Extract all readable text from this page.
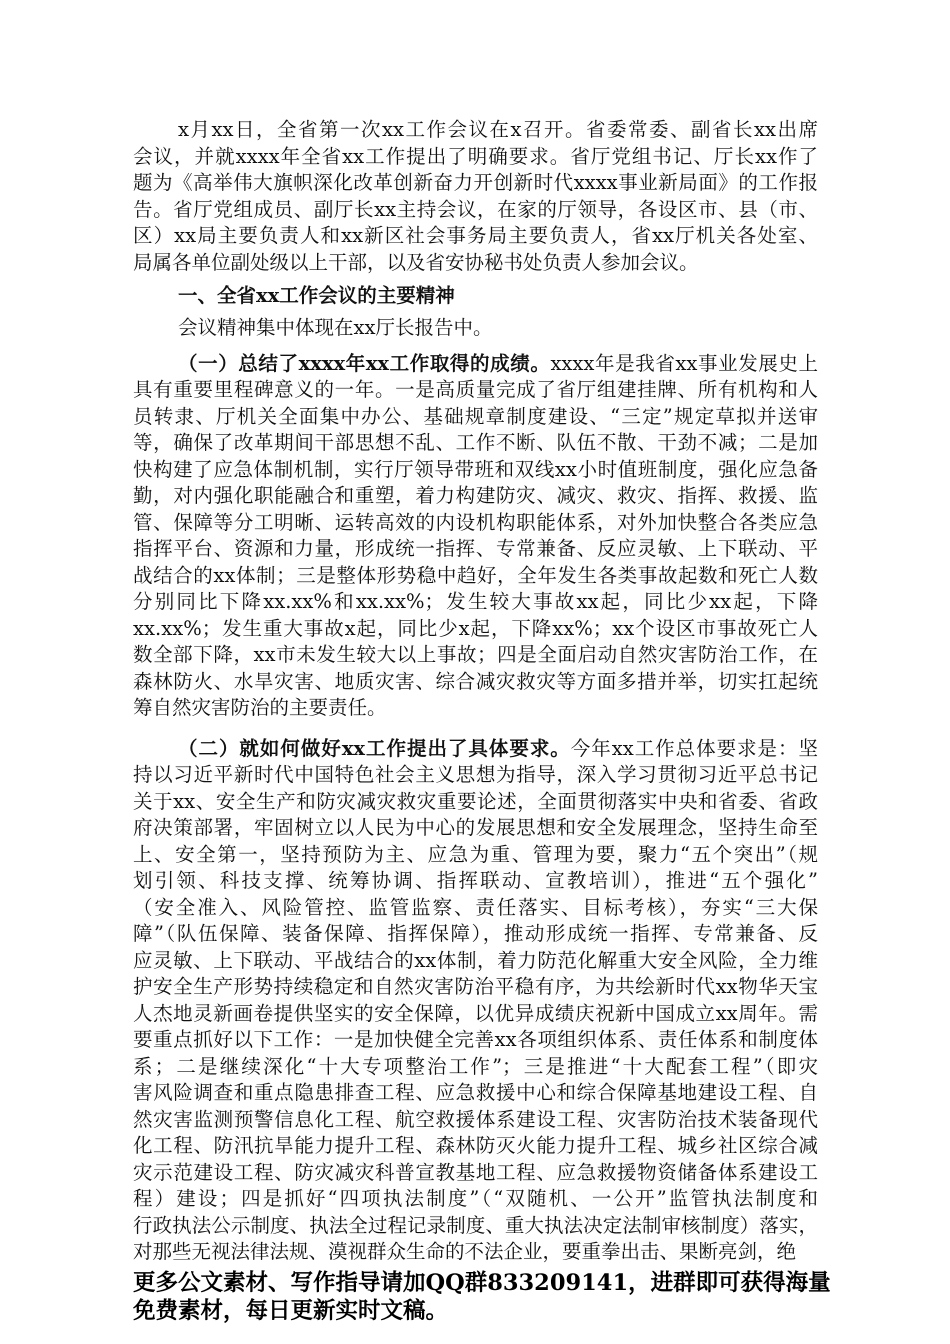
x月xx日，全省第一次xx工作会议在x召开。省委常委、副省长xx出席
会议，并就xxxx年全省xx工作提出了明确要求。省厅党组书记、厅长xx作了
题为《高举伟大旗帜深化改革创新奋力开创新时代xxxx事业新局面》的工作报
告。省厅党组成员、副厅长xx主持会议，在家的厅领导，各设区市、县（市、
区）xx局主要负责人和xx新区社会事务局主要负责人，省xx厅机关各处室、
局属各单位副处级以上干部，以及省安协秘书处负责人参加会议。
一、全省xx工作会议的主要精神
会议精神集中体现在xx厅长报告中。
（一）总结了xxxx年xx工作取得的成绩。xxxx年是我省xx事业发展史上
具有重要里程碑意义的一年。一是高质量完成了省厅组建挂牌、所有机构和人
员转隶、厅机关全面集中办公、基础规章制度建设、“三定”规定草拟并送审
等，确保了改革期间干部思想不乱、工作不断、队伍不散、干劲不减；二是加
快构建了应急体制机制，实行厅领导带班和双线xx小时值班制度，强化应急备
勤，对内强化职能融合和重塑，着力构建防灾、减灾、救灾、指挥、救援、监
管、保障等分工明晰、运转高效的内设机构职能体系，对外加快整合各类应急
指挥平台、资源和力量，形成统一指挥、专常兼备、反应灵敏、上下联动、平
战结合的xx体制；三是整体形势稳中趋好，全年发生各类事故起数和死亡人数
分别同比下降xx.xx%和xx.xx%；发生较大事故xx起，同比少xx起，下降
xx.xx%；发生重大事故x起，同比少x起，下降xx%；xx个设区市事故死亡人
数全部下降，xx市未发生较大以上事故；四是全面启动自然灾害防治工作，在
森林防火、水旱灾害、地质灾害、综合减灾救灾等方面多措并举，切实扛起统
筹自然灾害防治的主要责任。
（二）就如何做好xx工作提出了具体要求。今年xx工作总体要求是：坚
持以习近平新时代中国特色社会主义思想为指导，深入学习贯彻习近平总书记
关于xx、安全生产和防灾减灾救灾重要论述，全面贯彻落实中央和省委、省政
府决策部署，牢固树立以人民为中心的发展思想和安全发展理念，坚持生命至
上、安全第一，坚持预防为主、应急为重、管理为要，聚力“五个突出”（规
划引领、科技支撑、统筹协调、指挥联动、宣教培训），推进“五个强化”
（安全准入、风险管控、监管监察、责任落实、目标考核），夯实“三大保
障”（队伍保障、装备保障、指挥保障），推动形成统一指挥、专常兼备、反
应灵敏、上下联动、平战结合的xx体制，着力防范化解重大安全风险，全力维
护安全生产形势持续稳定和自然灾害防治平稳有序，为共绘新时代xx物华天宝
人杰地灵新画卷提供坚实的安全保障，以优异成绩庆祝新中国成立xx周年。需
要重点抓好以下工作：一是加快健全完善xx各项组织体系、责任体系和制度体
系；二是继续深化“十大专项整治工作”；三是推进“十大配套工程”（即灾
害风险调查和重点隐患排查工程、应急救援中心和综合保障基地建设工程、自
然灾害监测预警信息化工程、航空救援体系建设工程、灾害防治技术装备现代
化工程、防汛抗旱能力提升工程、森林防灭火能力提升工程、城乡社区综合减
灾示范建设工程、防灾减灾科普宣教基地工程、应急救援物资储备体系建设工
程）建设；四是抓好“四项执法制度”（“双随机、一公开”监管执法制度和
行政执法公示制度、执法全过程记录制度、重大执法决定法制审核制度）落实，
对那些无视法律法规、漠视群众生命的不法企业，要重拳出击、果断亮剑，绝
更多公文素材、写作指导请加QQ群833209141，进群即可获得海量
免费素材，每日更新实时文稿。
